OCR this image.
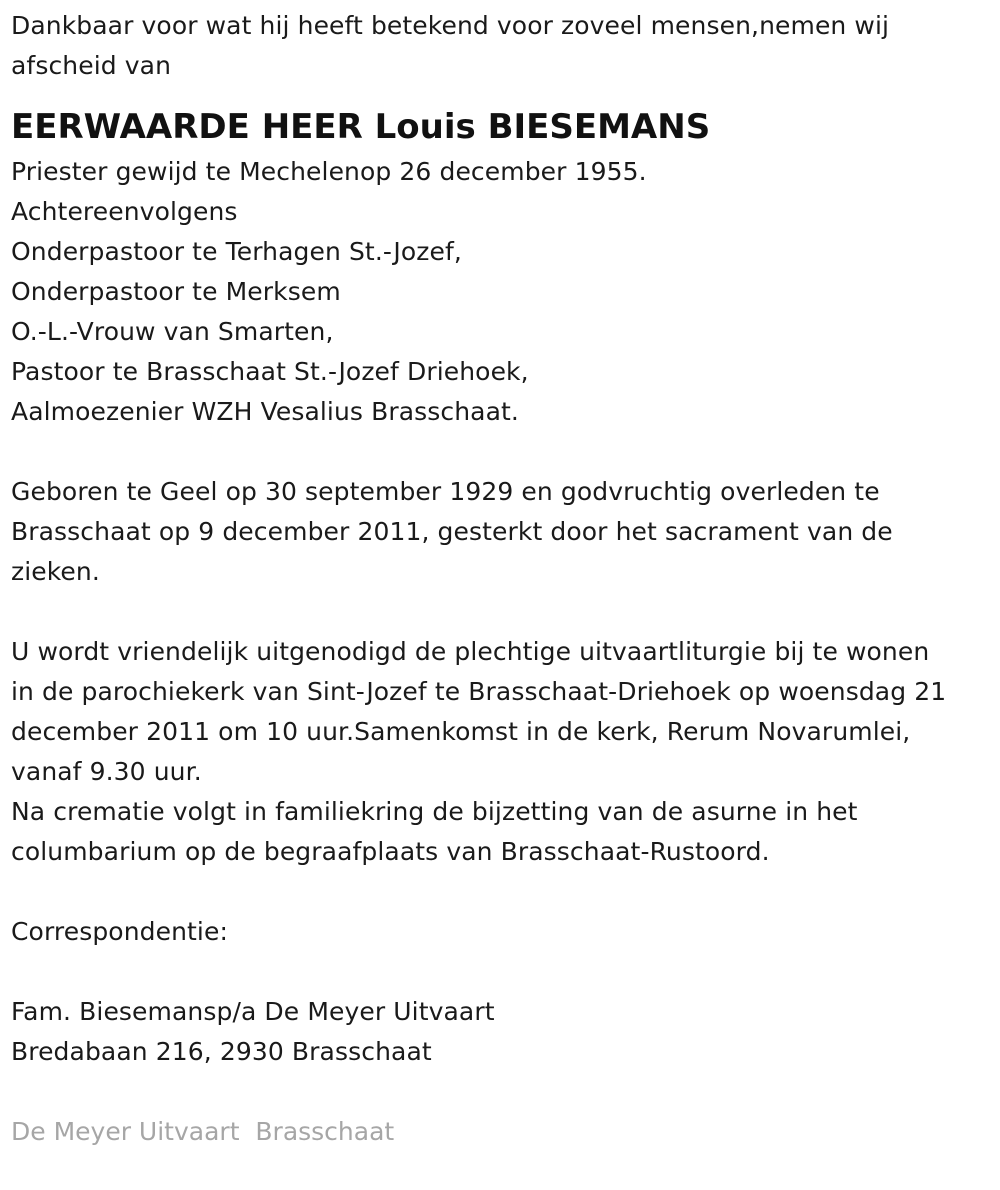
Dankbaar voor wat hij heeft betekend voor zoveel mensen,nemen wij
afscheid van
EERWAARDE HEER Louis BIESEMANS
Priester gewijd te Mechelenop 26 december 1955.
Achtereenvolgens
Onderpastoor te Terhagen St.-Jozef,
Onderpastoor te Merksem
O.-L.-Vrouw van Smarten,
Pastoor te Brasschaat St.-Jozef Driehoek,
Aalmoezenier WZH Vesalius Brasschaat.
Geboren te Geel op 30 september 1929 en godvruchtig overleden te
Brasschaat op 9 december 2011, gesterkt door het sacrament van de
zieken.
U wordt vriendelijk uitgenodigd de plechtige uitvaartliturgie bij te wonen
in de parochiekerk van Sint-Jozef te Brasschaat-Driehoek op woensdag 21
december 2011 om 10 uur.Samenkomst in de kerk, Rerum Novarumlei,
vanaf 9.30 uur.
Na crematie volgt in familiekring de bijzetting van de asurne in het
columbarium op de begraafplaats van Brasschaat-Rustoord.
Correspondentie:
Fam. Biesemansp/a De Meyer Uitvaart
Bredabaan 216, 2930 Brasschaat
De Meyer Uitvaart  Brasschaat
